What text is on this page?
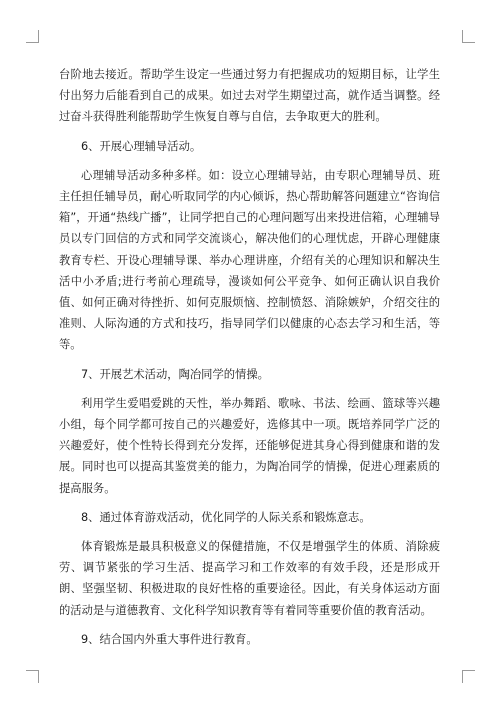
台阶地去接近。帮助学生设定一些通过努力有把握成功的短期目标，让学生付出努力后能看到自己的成果。如过去对学生期望过高，就作适当调整。经过奋斗获得胜利能帮助学生恢复自尊与自信，去争取更大的胜利。

6、开展心理辅导活动。

心理辅导活动多种多样。如：设立心理辅导站，由专职心理辅导员、班主任担任辅导员，耐心听取同学的内心倾诉，热心帮助解答问题建立“咨询信箱”，开通“热线广播”，让同学把自己的心理问题写出来投进信箱，心理辅导员以专门回信的方式和同学交流谈心，解决他们的心理忧虑，开辟心理健康教育专栏、开设心理辅导课、举办心理讲座，介绍有关的心理知识和解决生活中小矛盾;进行考前心理疏导，漫谈如何公平竞争、如何正确认识自我价值、如何正确对待挫折、如何克服烦恼、控制愤怒、消除嫉妒，介绍交往的准则、人际沟通的方式和技巧，指导同学们以健康的心态去学习和生活，等等。

7、开展艺术活动，陶冶同学的情操。

利用学生爱唱爱跳的天性，举办舞蹈、歌咏、书法、绘画、篮球等兴趣小组，每个同学都可按自己的兴趣爱好，选修其中一项。既培养同学广泛的兴趣爱好，使个性特长得到充分发挥，还能够促进其身心得到健康和谐的发展。同时也可以提高其鉴赏美的能力，为陶冶同学的情操，促进心理素质的提高服务。

8、通过体育游戏活动，优化同学的人际关系和锻炼意志。

体育锻炼是最具积极意义的保健措施，不仅是增强学生的体质、消除疲劳、调节紧张的学习生活、提高学习和工作效率的有效手段，还是形成开朗、坚强坚韧、积极进取的良好性格的重要途径。因此，有关身体运动方面的活动是与道德教育、文化科学知识教育等有着同等重要价值的教育活动。

9、结合国内外重大事件进行教育。
